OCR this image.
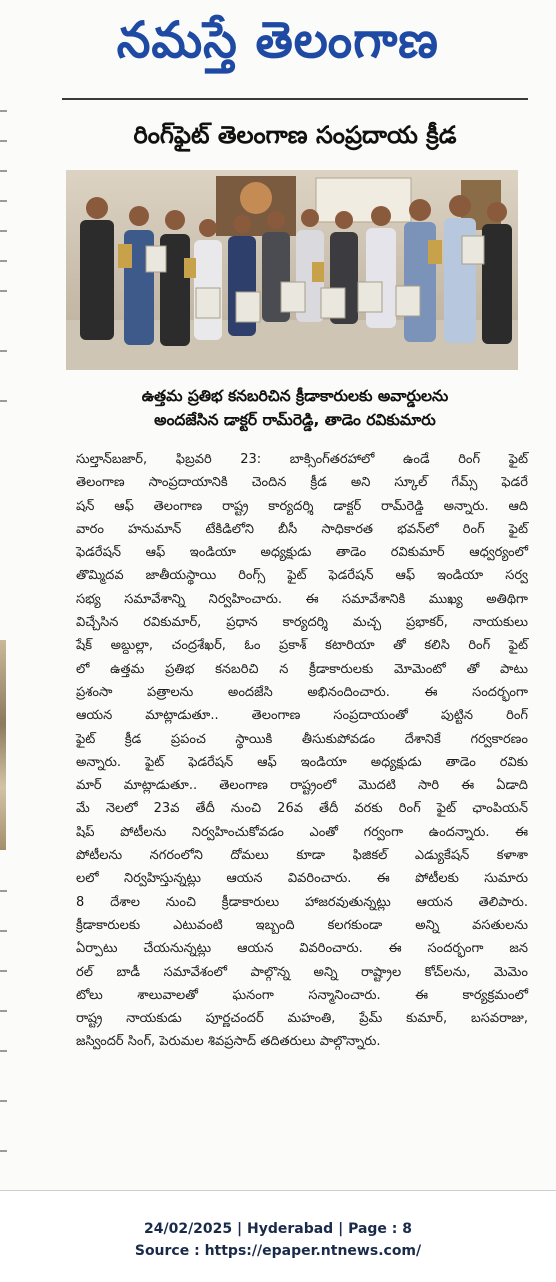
నమస్తే తెలంగాణ
రింగ్‌ఫైట్ తెలంగాణ సంప్రదాయ క్రీడ
ఉత్తమ ప్రతిభ కనబరిచిన క్రీడాకారులకు అవార్డులను
అందజేసిన డాక్టర్ రామ్‌రెడ్డి, తాడెం రవికుమారు

సుల్తాన్‌బజార్, ఫిబ్రవరి 23: బాక్సింగ్‌తరహాలో ఉండే రింగ్ ఫైట్

తెలంగాణ సాంప్రదాయానికి చెందిన క్రీడ అని స్కూల్ గేమ్స్ ఫెడరే

షన్ ఆఫ్ తెలంగాణ రాష్ట్ర కార్యదర్శి డాక్టర్ రామ్‌రెడ్డి అన్నారు. ఆది

వారం హనుమాన్ టేకిడిలోని బీసీ సాధికారత భవన్‌లో రింగ్ ఫైట్

ఫెడరేషన్ ఆఫ్ ఇండియా అధ్యక్షుడు తాడెం రవికుమార్ ఆధ్వర్యంలో

తొమ్మిదవ జాతీయస్థాయి రింగ్స్ ఫైట్ ఫెడరేషన్ ఆఫ్ ఇండియా సర్వ

సభ్య సమావేశాన్ని నిర్వహించారు. ఈ సమావేశానికి ముఖ్య అతిథిగా

విచ్చేసిన రవికుమార్, ప్రధాన కార్యదర్శి మచ్చ ప్రభాకర్, నాయకులు

షేక్ అబ్దుల్లా, చంద్రశేఖర్, ఓం ప్రకాశ్ కటారియా తో కలిసి రింగ్ ఫైట్

లో ఉత్తమ ప్రతిభ కనబరిచి న క్రీడాకారులకు మోమెంటో తో పాటు

ప్రశంసా పత్రాలను అందజేసి అభినందించారు. ఈ సందర్భంగా

ఆయన మాట్లాడుతూ.. తెలంగాణ సంప్రదాయంతో పుట్టిన రింగ్

ఫైట్ క్రీడ ప్రపంచ స్థాయికి తీసుకుపోవడం దేశానికే గర్వకారణం

అన్నారు. ఫైట్ ఫెడరేషన్ ఆఫ్ ఇండియా అధ్యక్షుడు తాడెం రవికు

మార్ మాట్లాడుతూ.. తెలంగాణ రాష్ట్రంలో మొదటి సారి ఈ ఏడాది

మే నెలలో 23వ తేదీ నుంచి 26వ తేదీ వరకు రింగ్ ఫైట్ ఛాంపియన్

షిప్ పోటీలను నిర్వహించుకోవడం ఎంతో గర్వంగా ఉందన్నారు. ఈ

పోటీలను నగరంలోని దోమలు కూడా ఫిజికల్ ఎడ్యుకేషన్ కళాశా

లలో నిర్వహిస్తున్నట్లు ఆయన వివరించారు. ఈ పోటీలకు సుమారు

8 దేశాల నుంచి క్రీడాకారులు హాజరవుతున్నట్లు ఆయన తెలిపారు.

క్రీడాకారులకు ఎటువంటి ఇబ్బంది కలగకుండా అన్ని వసతులను

ఏర్పాటు చేయనున్నట్లు ఆయన వివరించారు. ఈ సందర్భంగా జన

రల్ బాడీ సమావేశంలో పాల్గొన్న అన్ని రాష్ట్రాల కోచ్‌లను, మెమెం

టోలు శాలువాలతో ఘనంగా సన్మానించారు. ఈ కార్యక్రమంలో

రాష్ట్ర నాయకుడు పూర్ణచందర్ మహంతి, ప్రేమ్ కుమార్, బసవరాజు,

జస్విందర్ సింగ్, పెరుమల శివప్రసాద్ తదితరులు పాల్గొన్నారు.

24/02/2025 | Hyderabad | Page : 8
Source : https://epaper.ntnews.com/
